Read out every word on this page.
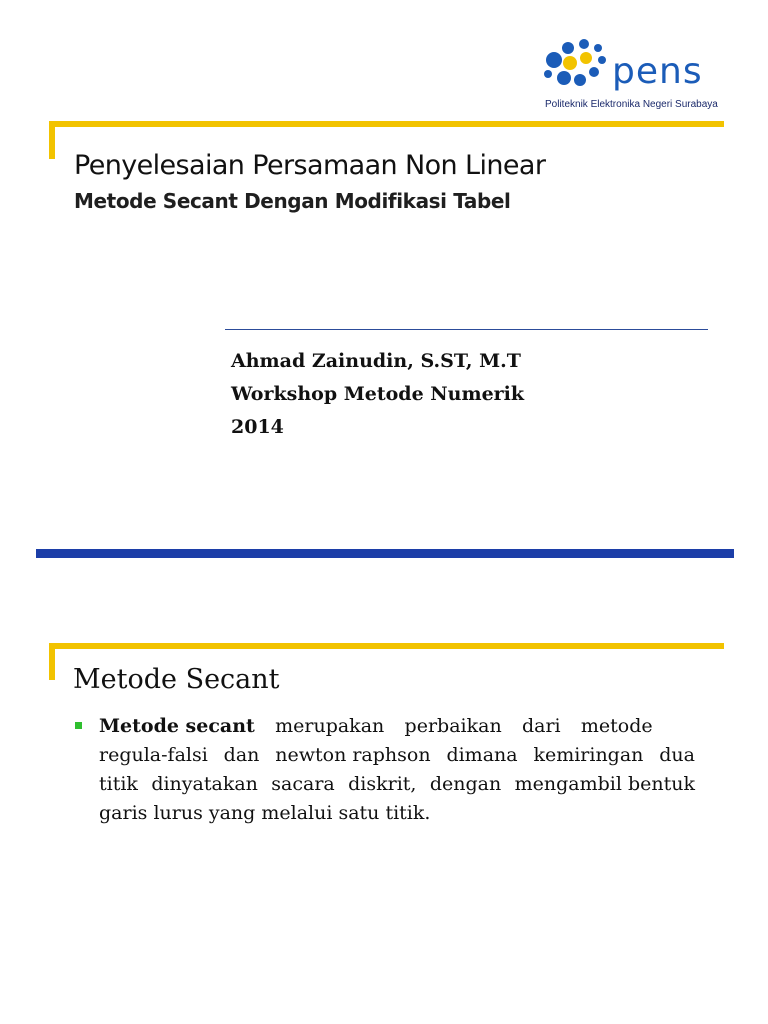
pens
Politeknik Elektronika Negeri Surabaya
Penyelesaian Persamaan Non Linear
Metode Secant Dengan Modifikasi Tabel
Ahmad Zainudin, S.ST, M.T
Workshop Metode Numerik
2014
Metode Secant
Metode secant merupakan perbaikan dari metode
regula-falsi dan newton raphson dimana kemiringan dua
titik dinyatakan sacara diskrit, dengan mengambil bentuk
garis lurus yang melalui satu titik.
